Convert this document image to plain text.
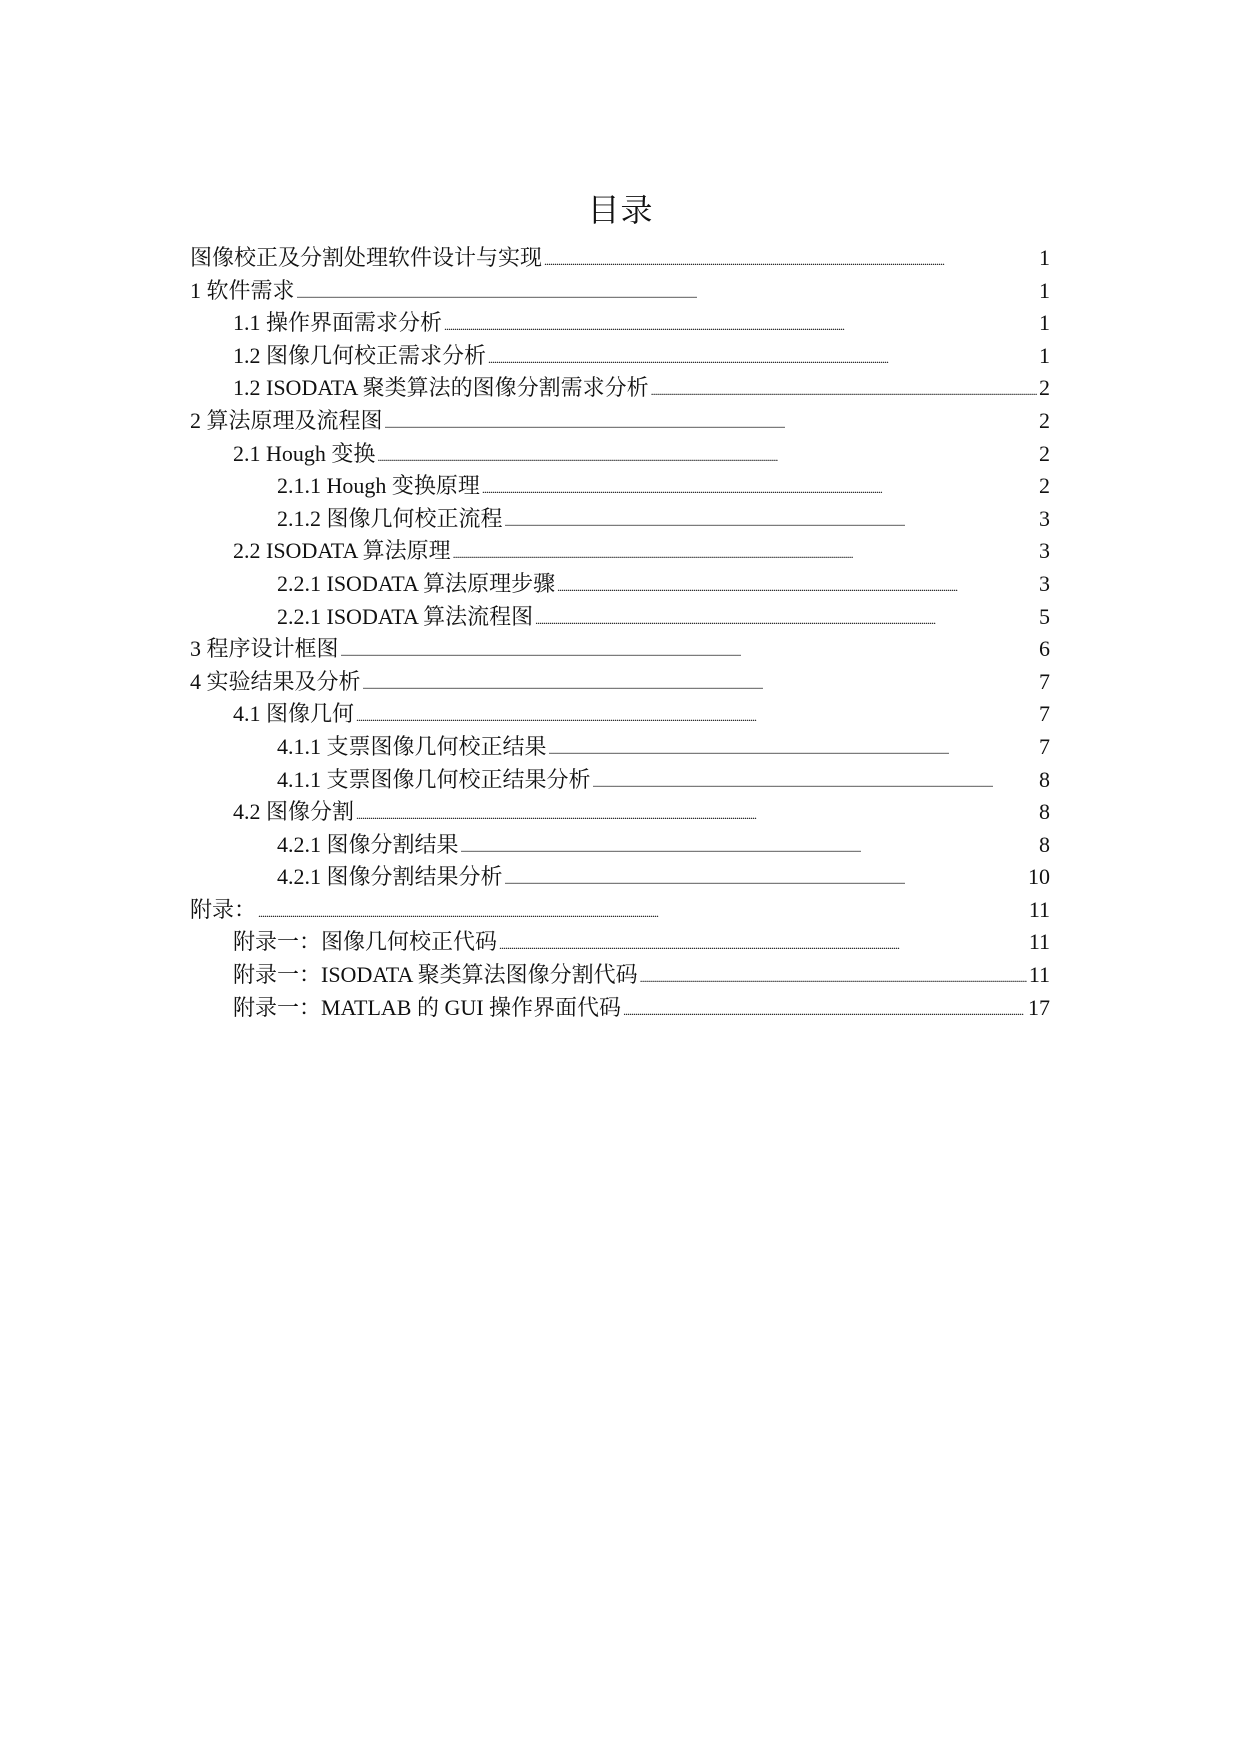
目录
图像校正及分割处理软件设计与实现 . . .	1
1 软件需求 . . .	1
1.1 操作界面需求分析 . . .	1
1.2 图像几何校正需求分析 . . .	1
1.2 ISODATA 聚类算法的图像分割需求分析 . . .	2
2 算法原理及流程图 . . .	2
2.1 Hough 变换 . . .	2
2.1.1 Hough 变换原理 . . .	2
2.1.2 图像几何校正流程 . . .	3
2.2 ISODATA 算法原理 . . .	3
2.2.1 ISODATA 算法原理步骤 . . .	3
2.2.1 ISODATA 算法流程图 . . .	5
3 程序设计框图 . . .	6
4 实验结果及分析 . . .	7
4.1 图像几何 . . .	7
4.1.1 支票图像几何校正结果 . . .	7
4.1.1 支票图像几何校正结果分析 . . .	8
4.2 图像分割 . . .	8
4.2.1 图像分割结果 . . .	8
4.2.1 图像分割结果分析 . . .	10
附录： . . .	11
附录一：图像几何校正代码 . . .	11
附录一：ISODATA 聚类算法图像分割代码 . . .	11
附录一：MATLAB 的 GUI 操作界面代码 . . .	17
